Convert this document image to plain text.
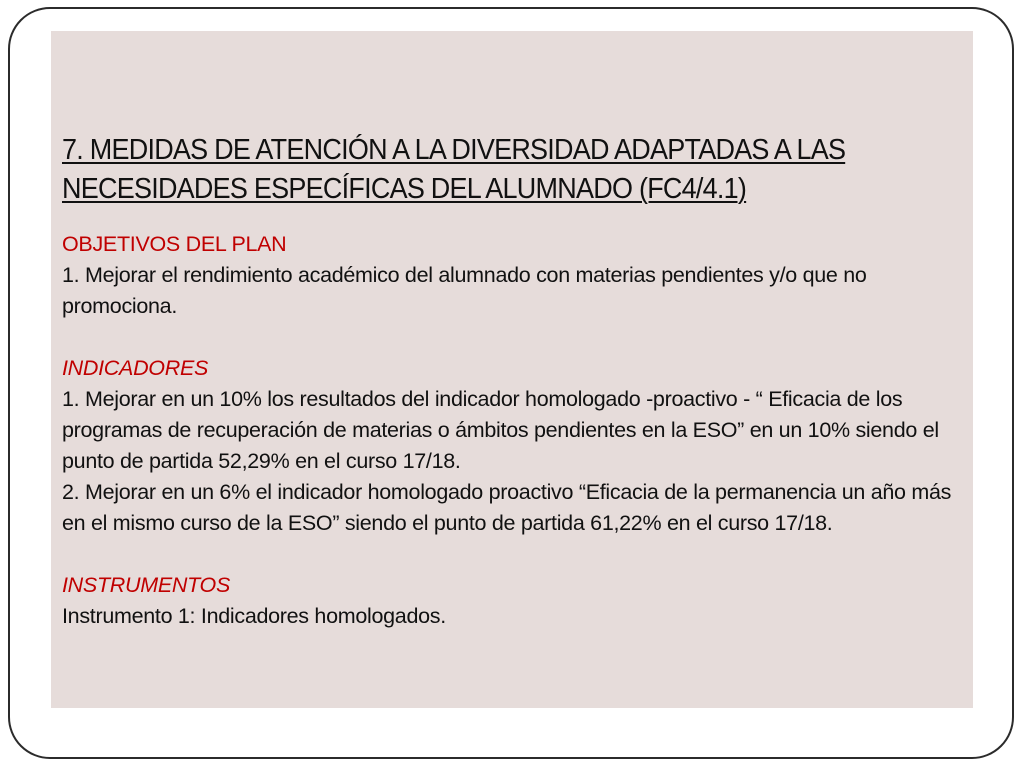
7. MEDIDAS DE ATENCIÓN A LA DIVERSIDAD ADAPTADAS A LAS NECESIDADES ESPECÍFICAS DEL ALUMNADO (FC4/4.1)
OBJETIVOS DEL PLAN
1. Mejorar el rendimiento académico del alumnado con materias pendientes y/o que no promociona.
INDICADORES
1. Mejorar en un 10% los resultados del indicador homologado -proactivo - “ Eficacia de los programas de recuperación de materias o ámbitos pendientes en la ESO” en un 10% siendo el punto de partida 52,29% en el curso 17/18.
2. Mejorar en un 6% el indicador homologado proactivo “Eficacia de la permanencia un año más en el mismo curso de la ESO” siendo el punto de partida 61,22% en el curso 17/18.
INSTRUMENTOS
Instrumento 1: Indicadores homologados.
